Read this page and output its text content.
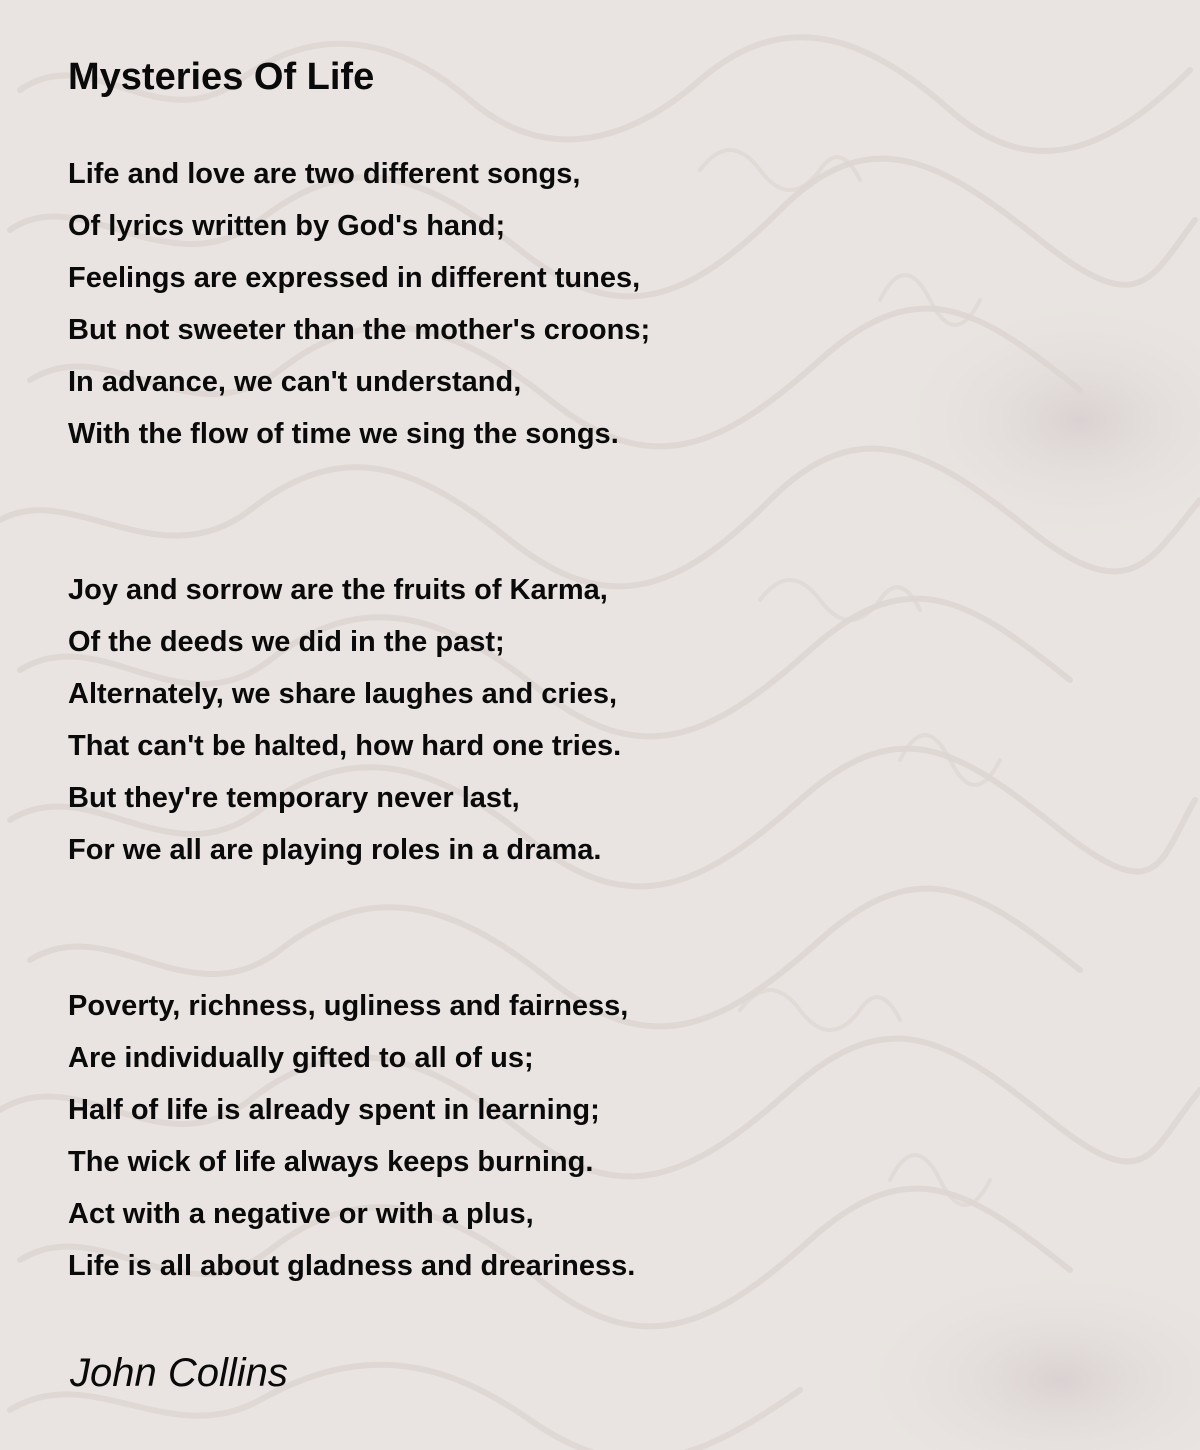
Mysteries Of Life
Life and love are two different songs,
Of lyrics written by God's hand;
Feelings are expressed in different tunes,
But not sweeter than the mother's croons;
In advance, we can't understand,
With the flow of time we sing the songs.
Joy and sorrow are the fruits of Karma,
Of the deeds we did in the past;
Alternately, we share laughes and cries,
That can't be halted, how hard one tries.
But they're temporary never last,
For we all are playing roles in a drama.
Poverty, richness, ugliness and fairness,
Are individually gifted to all of us;
Half of life is already spent in learning;
The wick of life always keeps burning.
Act with a negative or with a plus,
Life is all about gladness and dreariness.
John Collins
